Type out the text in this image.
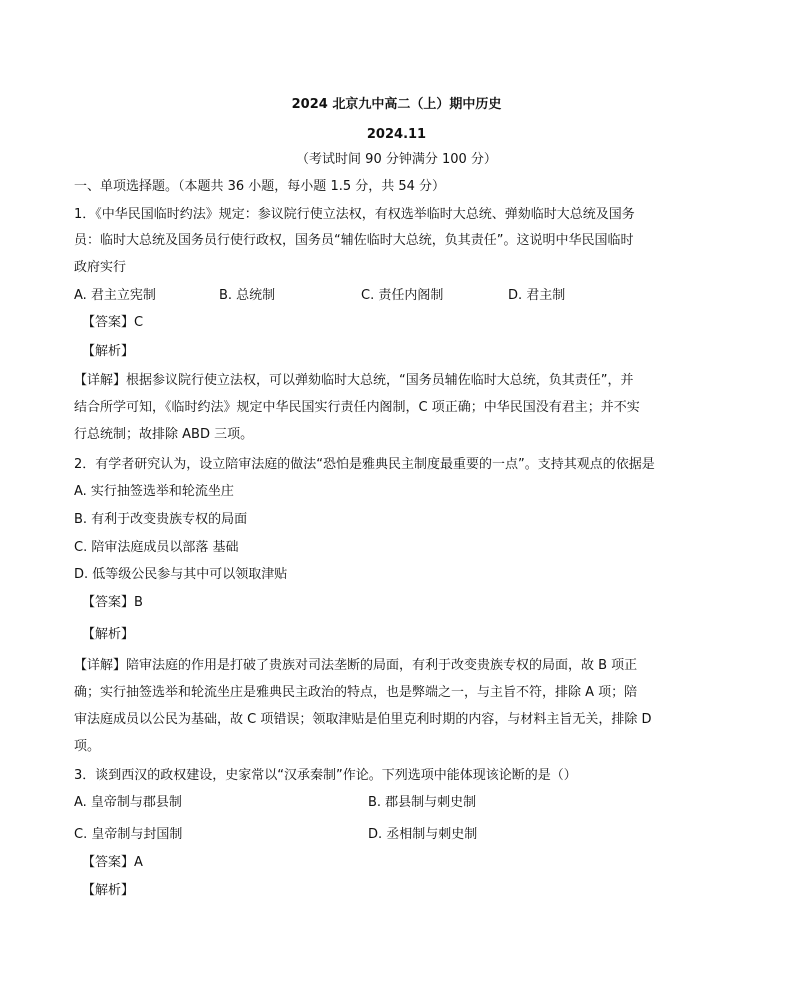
2024 北京九中高二（上）期中历史
2024.11
（考试时间 90 分钟满分 100 分）
一、单项选择题。（本题共 36 小题，每小题 1.5 分，共 54 分）
1．《中华民国临时约法》规定：参议院行使立法权，有权选举临时大总统、弹劾临时大总统及国务
员：临时大总统及国务员行使行政权，国务员“辅佐临时大总统，负其责任”。这说明中华民国临时
政府实行
A. 君主立宪制	B. 总统制	C. 责任内阁制	D. 君主制
【答案】C
【解析】
【详解】根据参议院行使立法权，可以弹劾临时大总统，“国务员辅佐临时大总统，负其责任”，并
结合所学可知，《临时约法》规定中华民国实行责任内阁制，C 项正确；中华民国没有君主；并不实
行总统制；故排除 ABD 三项。
2．有学者研究认为，设立陪审法庭的做法“恐怕是雅典民主制度最重要的一点”。支持其观点的依据是
A. 实行抽签选举和轮流坐庄
B. 有利于改变贵族专权的局面
C. 陪审法庭成员以部落 基础
D. 低等级公民参与其中可以领取津贴
【答案】B
【解析】
【详解】陪审法庭的作用是打破了贵族对司法垄断的局面，有利于改变贵族专权的局面，故 B 项正
确；实行抽签选举和轮流坐庄是雅典民主政治的特点，也是弊端之一，与主旨不符，排除 A 项；陪
审法庭成员以公民为基础，故 C 项错误；领取津贴是伯里克利时期的内容，与材料主旨无关，排除 D
项。
3．谈到西汉的政权建设，史家常以“汉承秦制”作论。下列选项中能体现该论断的是（）
A. 皇帝制与郡县制	B. 郡县制与刺史制
C. 皇帝制与封国制	D. 丞相制与刺史制
【答案】A
【解析】
